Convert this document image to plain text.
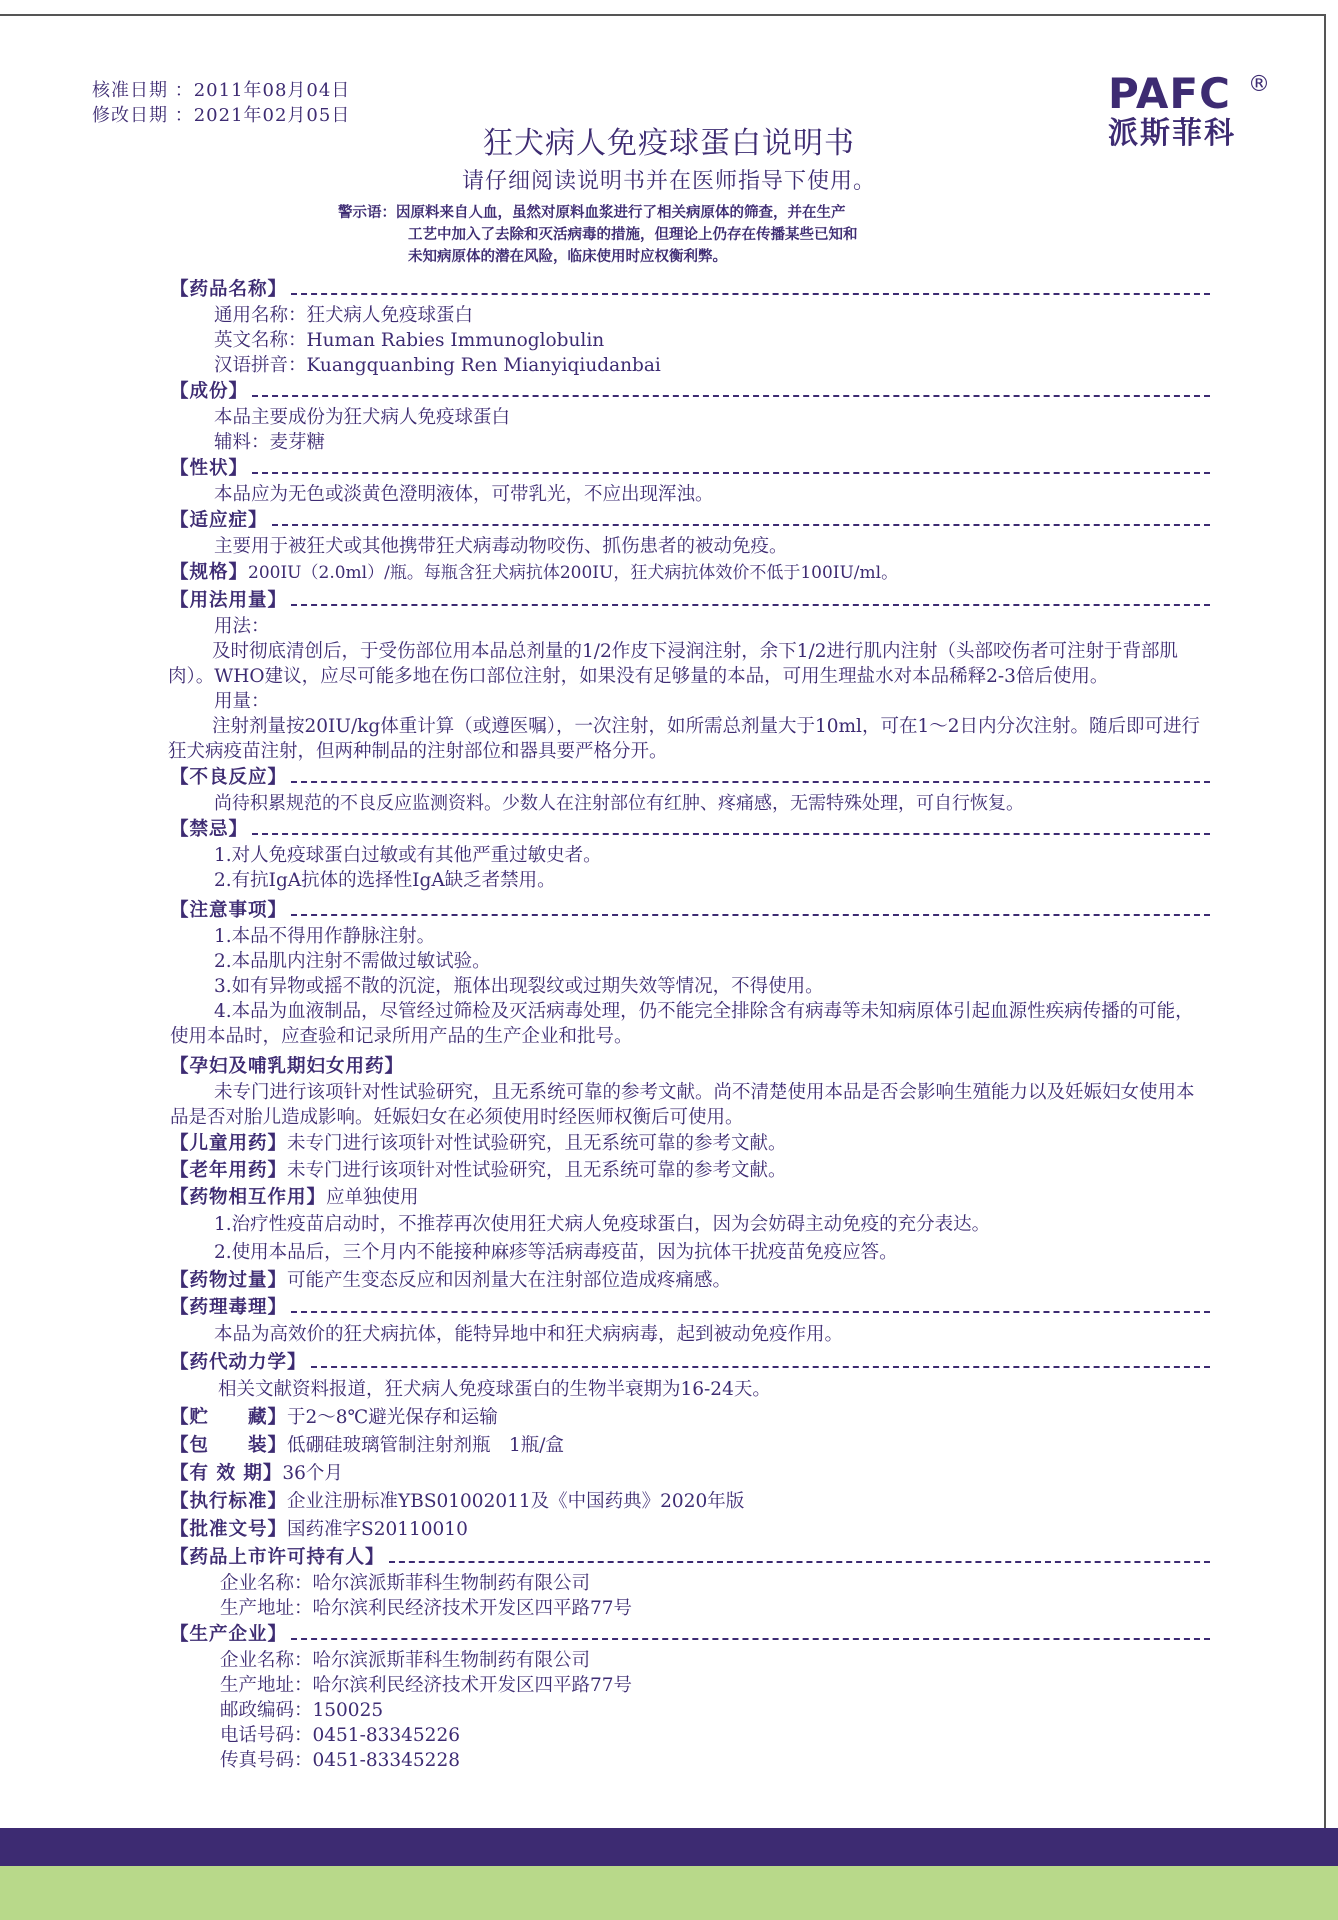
核准日期 ：2011年08月04日
修改日期 ：2021年02月05日	PAFC ®
派斯菲科
狂犬病人免疫球蛋白说明书
请仔细阅读说明书并在医师指导下使用。
警示语：因原料来自人血，虽然对原料血浆进行了相关病原体的筛查，并在生产
工艺中加入了去除和灭活病毒的措施，但理论上仍存在传播某些已知和
未知病原体的潜在风险，临床使用时应权衡利弊。
【药品名称】
通用名称：狂犬病人免疫球蛋白
英文名称：Human Rabies Immunoglobulin
汉语拼音：Kuangquanbing Ren Mianyiqiudanbai
【成份】
本品主要成份为狂犬病人免疫球蛋白
辅料：麦芽糖
【性状】
本品应为无色或淡黄色澄明液体，可带乳光，不应出现浑浊。
【适应症】
主要用于被狂犬或其他携带狂犬病毒动物咬伤、抓伤患者的被动免疫。
【规格】 200IU（2.0ml）/瓶。每瓶含狂犬病抗体200IU，狂犬病抗体效价不低于100IU/ml。
【用法用量】
用法：
及时彻底清创后，于受伤部位用本品总剂量的1/2作皮下浸润注射，余下1/2进行肌内注射（头部咬伤者可注射于背部肌肉）。WHO建议，应尽可能多地在伤口部位注射，如果没有足够量的本品，可用生理盐水对本品稀释2-3倍后使用。
用量：
注射剂量按20IU/kg体重计算（或遵医嘱），一次注射，如所需总剂量大于10ml，可在1～2日内分次注射。随后即可进行狂犬病疫苗注射，但两种制品的注射部位和器具要严格分开。
【不良反应】
尚待积累规范的不良反应监测资料。少数人在注射部位有红肿、疼痛感，无需特殊处理，可自行恢复。
【禁忌】
1.对人免疫球蛋白过敏或有其他严重过敏史者。
2.有抗IgA抗体的选择性IgA缺乏者禁用。
【注意事项】
1.本品不得用作静脉注射。
2.本品肌内注射不需做过敏试验。
3.如有异物或摇不散的沉淀，瓶体出现裂纹或过期失效等情况，不得使用。
4.本品为血液制品，尽管经过筛检及灭活病毒处理，仍不能完全排除含有病毒等未知病原体引起血源性疾病传播的可能，使用本品时，应查验和记录所用产品的生产企业和批号。
【孕妇及哺乳期妇女用药】
未专门进行该项针对性试验研究，且无系统可靠的参考文献。尚不清楚使用本品是否会影响生殖能力以及妊娠妇女使用本品是否对胎儿造成影响。妊娠妇女在必须使用时经医师权衡后可使用。
【儿童用药】 未专门进行该项针对性试验研究，且无系统可靠的参考文献。
【老年用药】 未专门进行该项针对性试验研究，且无系统可靠的参考文献。
【药物相互作用】 应单独使用
1.治疗性疫苗启动时，不推荐再次使用狂犬病人免疫球蛋白，因为会妨碍主动免疫的充分表达。
2.使用本品后，三个月内不能接种麻疹等活病毒疫苗，因为抗体干扰疫苗免疫应答。
【药物过量】 可能产生变态反应和因剂量大在注射部位造成疼痛感。
【药理毒理】
本品为高效价的狂犬病抗体，能特异地中和狂犬病病毒，起到被动免疫作用。
【药代动力学】
相关文献资料报道，狂犬病人免疫球蛋白的生物半衰期为16-24天。
【贮　　藏】 于2～8℃避光保存和运输
【包　　装】 低硼硅玻璃管制注射剂瓶　1瓶/盒
【有 效 期】 36个月
【执行标准】 企业注册标准YBS01002011及《中国药典》2020年版
【批准文号】 国药准字S20110010
【药品上市许可持有人】
企业名称：哈尔滨派斯菲科生物制药有限公司
生产地址：哈尔滨利民经济技术开发区四平路77号
【生产企业】
企业名称：哈尔滨派斯菲科生物制药有限公司
生产地址：哈尔滨利民经济技术开发区四平路77号
邮政编码：150025
电话号码：0451-83345226
传真号码：0451-83345228
